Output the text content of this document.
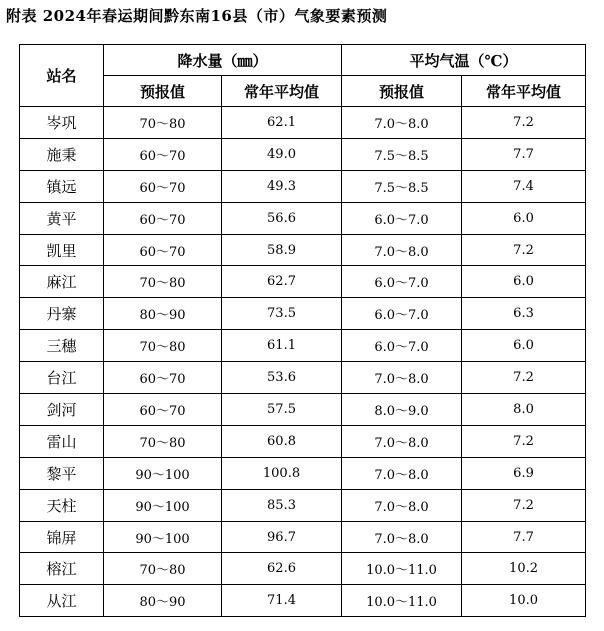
附表 2024年春运期间黔东南16县（市）气象要素预测
站名	降水量（㎜）		平均气温（℃）	
	预报值	常年平均值	预报值	常年平均值
岑巩	70～80	62.1	7.0～8.0	7.2
施秉	60～70	49.0	7.5～8.5	7.7
镇远	60～70	49.3	7.5～8.5	7.4
黄平	60～70	56.6	6.0～7.0	6.0
凯里	60～70	58.9	7.0～8.0	7.2
麻江	70～80	62.7	6.0～7.0	6.0
丹寨	80～90	73.5	6.0～7.0	6.3
三穗	70～80	61.1	6.0～7.0	6.0
台江	60～70	53.6	7.0～8.0	7.2
剑河	60～70	57.5	8.0～9.0	8.0
雷山	70～80	60.8	7.0～8.0	7.2
黎平	90～100	100.8	7.0～8.0	6.9
天柱	90～100	85.3	7.0～8.0	7.2
锦屏	90～100	96.7	7.0～8.0	7.7
榕江	70～80	62.6	10.0～11.0	10.2
从江	80～90	71.4	10.0～11.0	10.0
